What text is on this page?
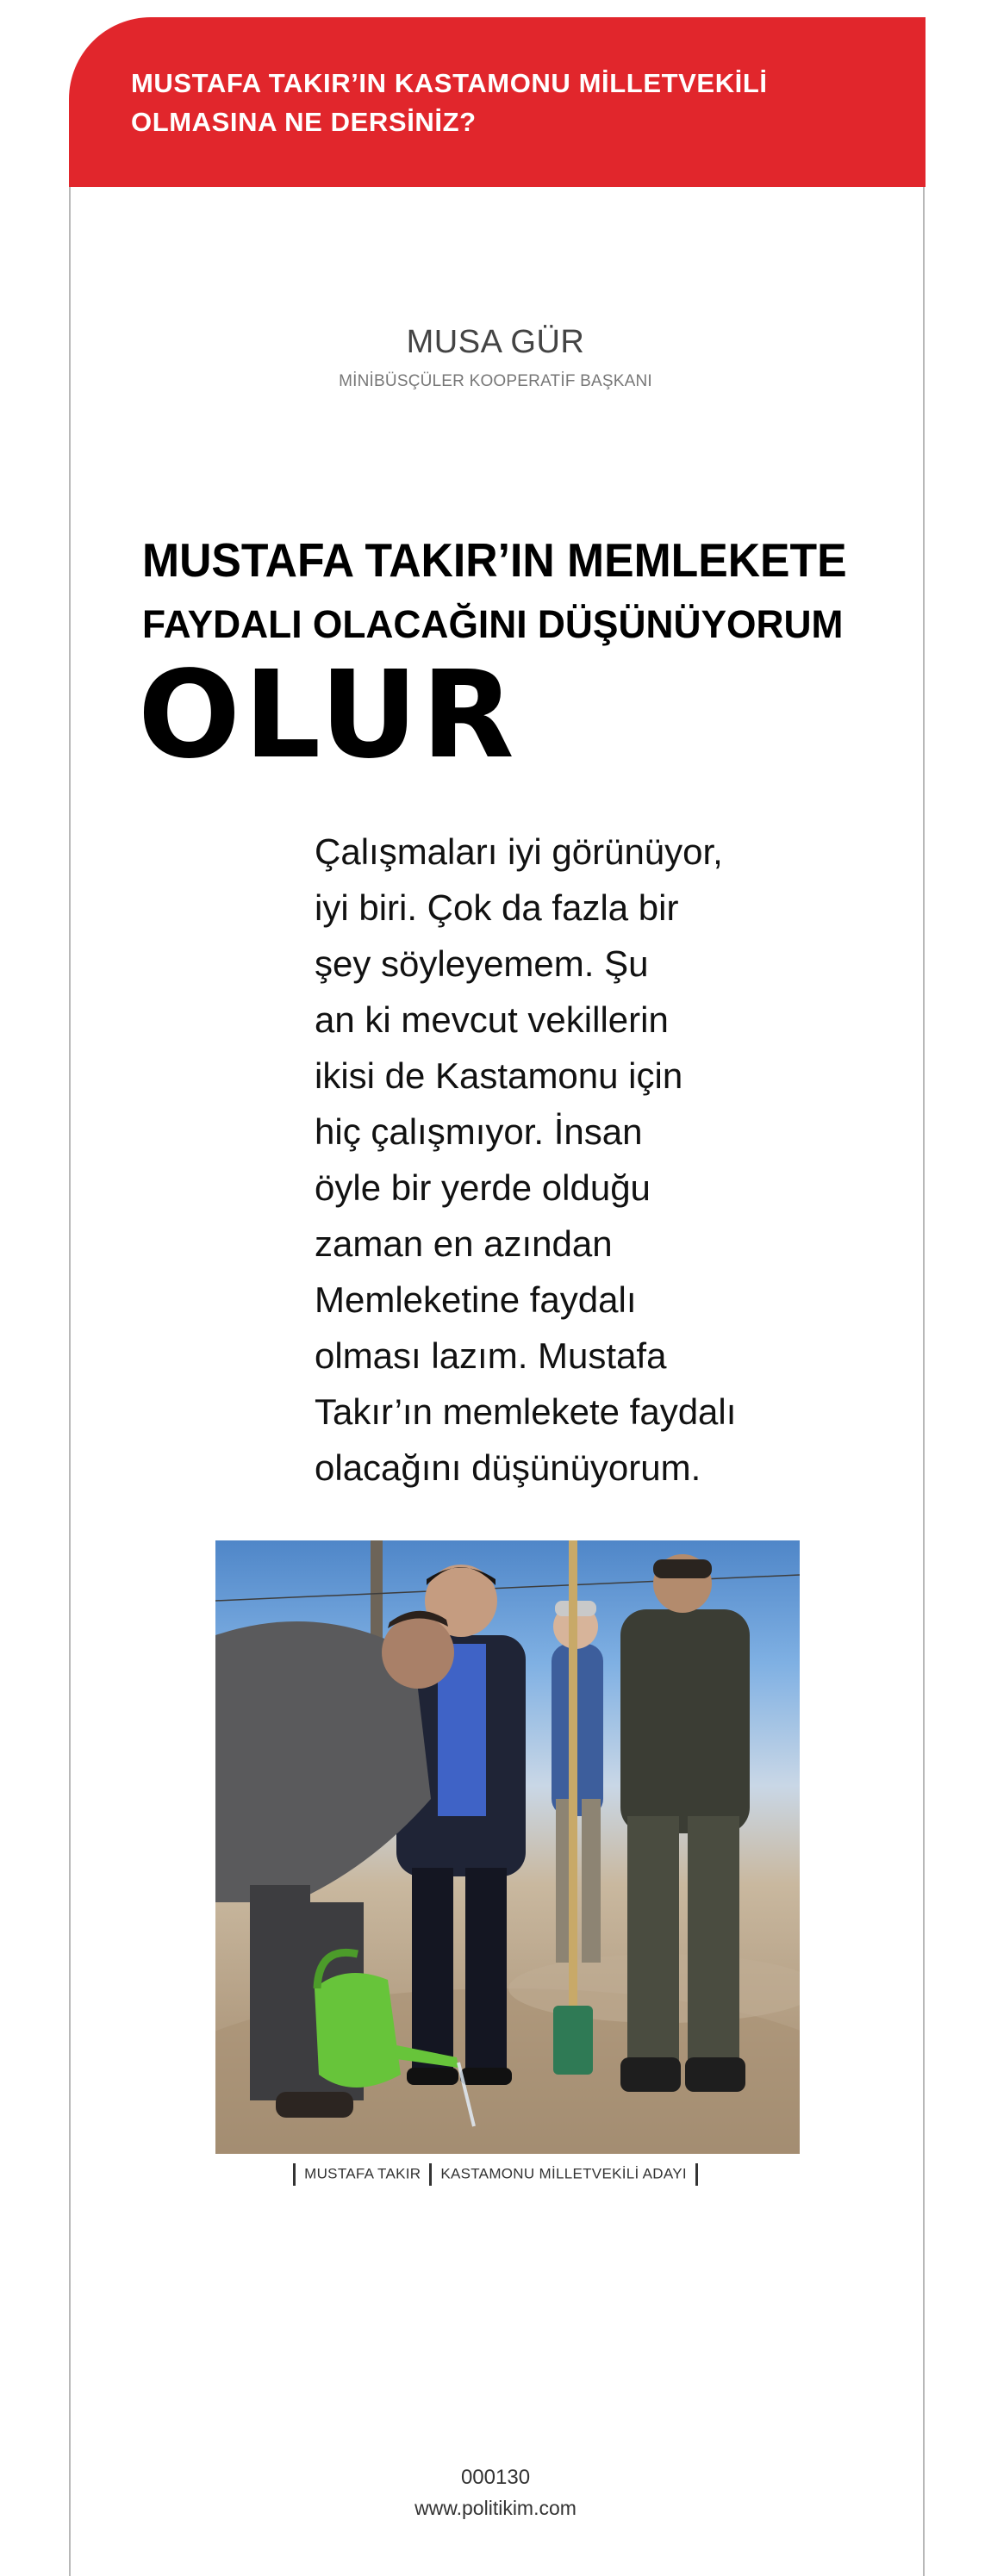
MUSTAFA TAKIR’IN KASTAMONU MİLLETVEKİLİ OLMASINA NE DERSİNİZ?
MUSA GÜR
MİNİBÜSÇÜLER KOOPERATİF BAŞKANI
MUSTAFA TAKIR’IN MEMLEKETE
FAYDALI OLACAĞINI DÜŞÜNÜYORUM
OLUR
Çalışmaları iyi görünüyor,
iyi biri. Çok da fazla bir
şey söyleyemem. Şu
an ki mevcut vekillerin
ikisi de Kastamonu için
hiç çalışmıyor. İnsan
öyle bir yerde olduğu
zaman en azından
Memleketine faydalı
olması lazım. Mustafa
Takır’ın memlekete faydalı
olacağını düşünüyorum.
MUSTAFA TAKIR KASTAMONU MİLLETVEKİLİ ADAYI
000130
www.politikim.com
